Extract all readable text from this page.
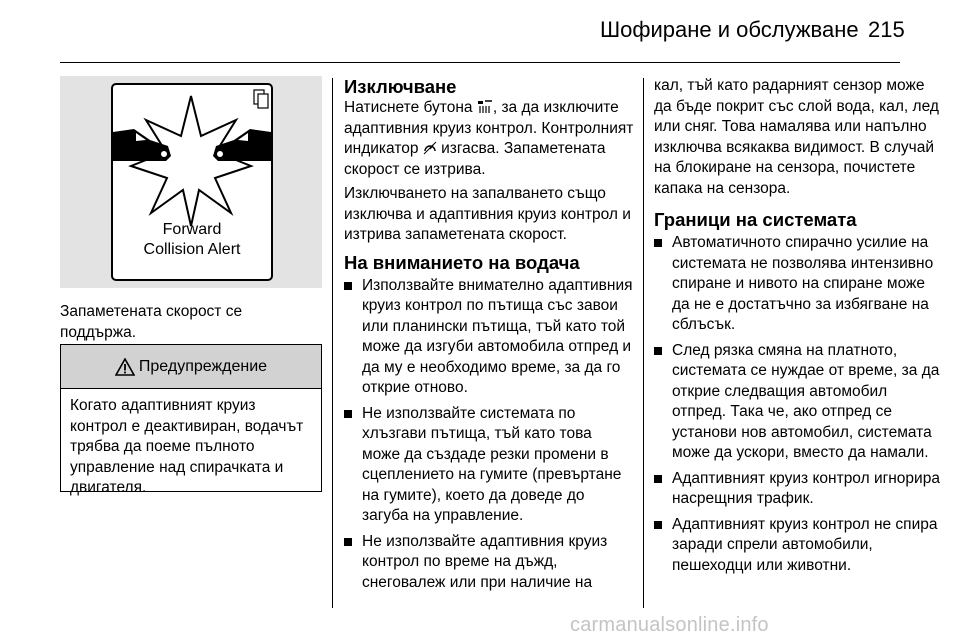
Шофиране и обслужване 215
Forward
Collision Alert
Запаметената скорост се поддържа.
Предупреждение
Когато адаптивният круиз контрол е деактивиран, водачът трябва да поеме пълното управление над спирачката и двигателя.
Изключване

Натиснете бутона , за да изключите адаптивния круиз контрол. Контролният индикатор  изгасва. Запаметената скорост се изтрива.

Изключването на запалването също изключва и адаптивния круиз контрол и изтрива запаметената скорост.

На вниманието на водача
Използвайте внимателно адаптивния круиз контрол по пътища със завои или планински пътища, тъй като той може да изгуби автомобила отпред и да му е необходимо време, за да го открие отново.
Не използвайте системата по хлъзгави пътища, тъй като това може да създаде резки промени в сцеплението на гумите (превъртане на гумите), което да доведе до загуба на управление.
Не използвайте адаптивния круиз контрол по време на дъжд, снеговалеж или при наличие на

кал, тъй като радарният сензор може да бъде покрит със слой вода, кал, лед или сняг. Това намалява или напълно изключва всякаква видимост. В случай на блокиране на сензора, почистете капака на сензора.

Граници на системата
Автоматичното спирачно усилие на системата не позволява интензивно спиране и нивото на спиране може да не е достатъчно за избягване на сблъсък.
След рязка смяна на платното, системата се нуждае от време, за да открие следващия автомобил отпред. Така че, ако отпред се установи нов автомобил, системата може да ускори, вместо да намали.
Адаптивният круиз контрол игнорира насрещния трафик.
Адаптивният круиз контрол не спира заради спрели автомобили, пешеходци или животни.
carmanualsonline.info
